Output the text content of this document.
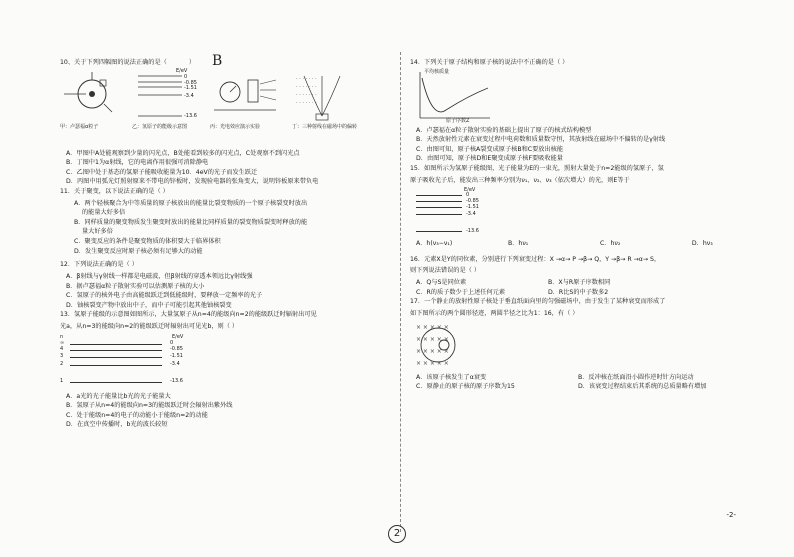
10、关于下列四幅图的说法正确的是（	） B
E/eV
0
-0.85
-1.51
-3.4
-13.6
· · · · · · ·
· · · · · · ·
· · · · · · ·
· · · · · · ·
甲：卢瑟福α粒子	乙：氢原子的能级示意图	丙：光电效应演示实验	丁：三种射线在磁场中的偏转
A．甲图中A处能观察到少量的闪光点，B处能看到较多的闪光点，C处观察不到闪光点
B．丁图中1为α射线，它的电离作用很强可消除静电
C．乙图中处于基态的氢原子能吸收能量为10．4eV的光子而发生跃迁
D．丙图中用弧光灯照射原来不带电的锌板时，发现验电器的张角变大，说明锌板原来带负电
11．关于聚变，以下说法正确的是（ ）
A．两个轻核聚合为中等质量的原子核放出的能量比裂变物质的一个原子核裂变时放出
的能量大好多倍
B．同样质量的聚变物质发生聚变时放出的能量比同样质量的裂变物质裂变时释放的能
量大好多倍
C．聚变反应的条件是聚变物质的体积要大于临界体积
D．发生聚变反应时原子核必须有足够大的动能
12．下列说法正确的是（ ）
A．β射线与γ射线一样都是电磁波，但β射线的穿透本领远比γ射线强
B．据卢瑟福α粒子散射实验可以估测原子核的大小
C．氢原子的核外电子由高能级跃迁到低能级时，要释放一定频率的光子
D．铀核裂变产物中放出中子，而中子可能引起其他铀核裂变
13．氢原子能级的示意图如图所示，大量氢原子从n=4的能级向n=2的能级跃迁时辐射出可见
光a，从n=3的能级向n=2的能级跃迁时辐射出可见光b，则（ ）
n	E/eV
∞	0
4	-0.85
3	-1.51
2	-3.4
1	-13.6
A．a光的光子能量比b光的光子能量大
B．氢原子从n=4的能级向n=3的能级跃迁时会辐射出紫外线
C．处于能级n=4的电子的动能小于能级n=2的动能
D．在真空中传播时，b光的波长较短
14．下列关于原子结构和原子核的说法中不正确的是（ ）
平均核质量
原子序数Z
A．卢瑟福在α粒子散射实验的基础上提出了原子的核式结构模型
B．天然放射性元素在衰变过程中电荷数和质量数守恒，其放射线在磁场中不偏转的是γ射线
C．由图可知，原子核A裂变成原子核B和C要放出核能
D．由图可知，原子核D和E聚变成原子核F要吸收能量
15．如图所示为氢原子能级图，光子能量为E的一束光，照射大量处于n=2能级的氢原子，氢
原子吸收光子后，能发出三种频率分别为ν₁、ν₂、ν₃（依次增大）的光，则E等于
E/eV
0
-0.85
-1.51
-3.4
-13.6
A．h(ν₃−ν₁)	B．hν₁	C．hν₂	D．hν₃
16．元素X是Y的同位素，分别进行下列衰变过程：X →α→ P →β→ Q，Y →β→ R →α→ S，
则下列说法错误的是（ ）
A．Q与S是同位素	B．X与R原子序数相同
C．R的质子数少于上述任何元素	D．R比S的中子数多2
17．一个静止的放射性原子核处于垂直纸面向里的匀强磁场中，由于发生了某种衰变而形成了
如下图所示的两个圆形径迹，两圆半径之比为1：16，有（ ）
× × × × ×
× × × × ×
× × × × ×
× × × × ×
A．该原子核发生了α衰变	B．反冲核在纸面沿小圆作逆时针方向运动
C．原静止的原子核的原子序数为15	D．该衰变过程结束后其系统的总质量略有增加
-2-
2
